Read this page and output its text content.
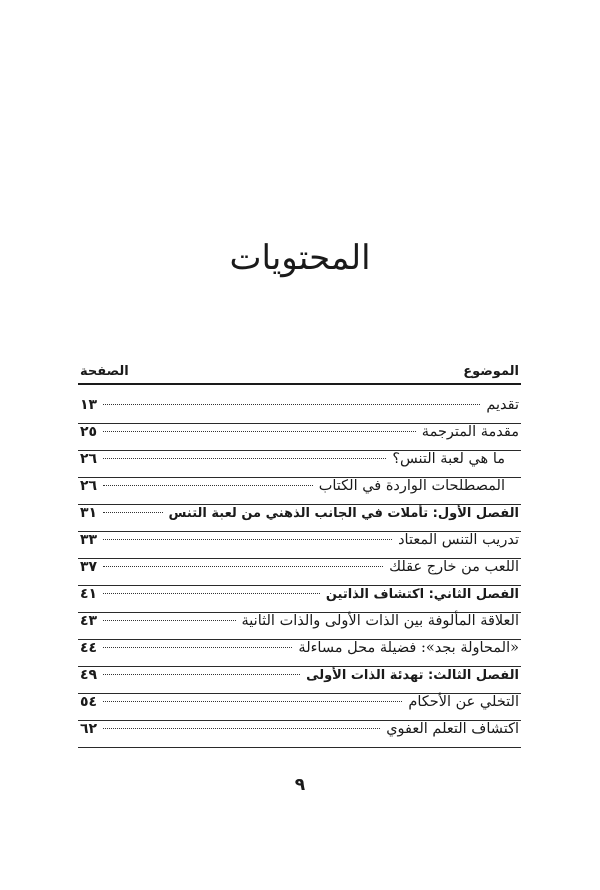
المحتويات
الموضوع
الصفحة
تقديم
١٣
مقدمة المترجمة
٢٥
ما هي لعبة التنس؟
٢٦
المصطلحات الواردة في الكتاب
٢٦
الفصل الأول: تأملات في الجانب الذهني من لعبة التنس
٣١
تدريب التنس المعتاد
٣٣
اللعب من خارج عقلك
٣٧
الفصل الثاني: اكتشاف الذاتين
٤١
العلاقة المألوفة بين الذات الأولى والذات الثانية
٤٣
«المحاولة بجد»: فضيلة محل مساءلة
٤٤
الفصل الثالث: تهدئة الذات الأولى
٤٩
التخلي عن الأحكام
٥٤
اكتشاف التعلم العفوي
٦٢
٩
